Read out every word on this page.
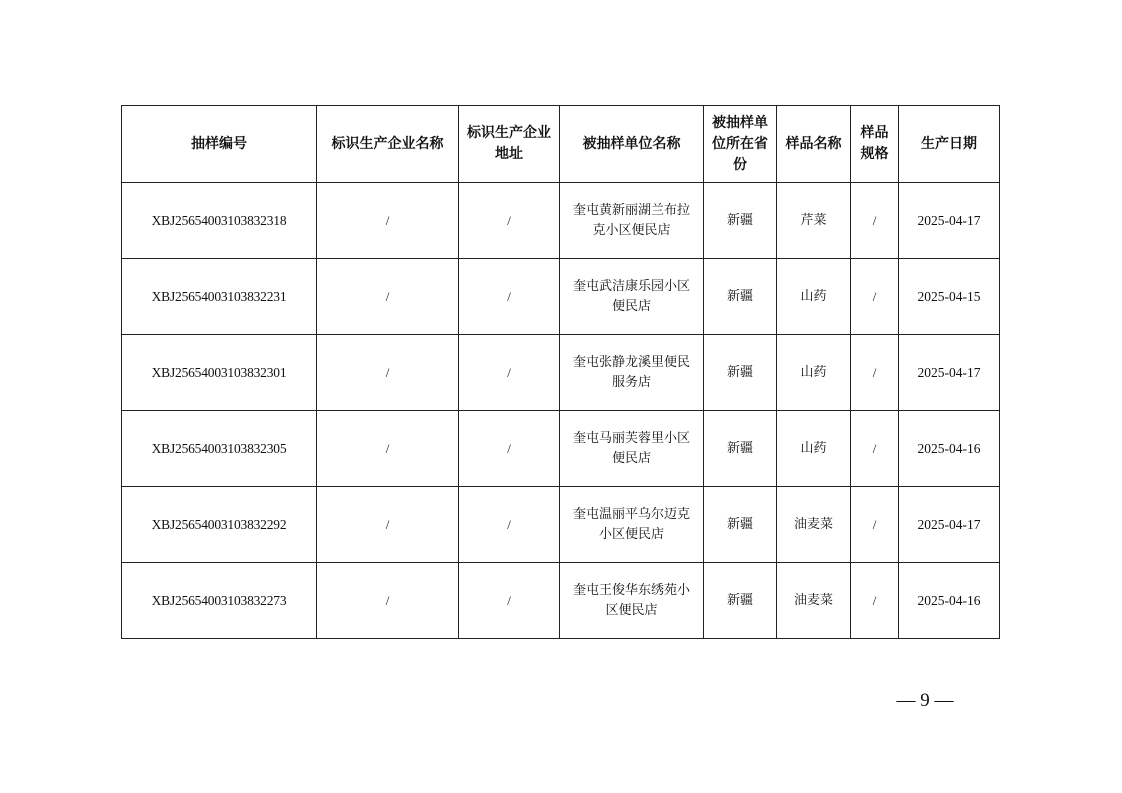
抽样编号	标识生产企业名称	标识生产企业地址	被抽样单位名称	被抽样单位所在省份	样品名称	样品规格	生产日期
XBJ25654003103832318	/	/	奎屯黄新丽湖兰布拉克小区便民店	新疆	芹菜	/	2025-04-17
XBJ25654003103832231	/	/	奎屯武洁康乐园小区便民店	新疆	山药	/	2025-04-15
XBJ25654003103832301	/	/	奎屯张静龙溪里便民服务店	新疆	山药	/	2025-04-17
XBJ25654003103832305	/	/	奎屯马丽芙蓉里小区便民店	新疆	山药	/	2025-04-16
XBJ25654003103832292	/	/	奎屯温丽平乌尔迈克小区便民店	新疆	油麦菜	/	2025-04-17
XBJ25654003103832273	/	/	奎屯王俊华东绣苑小区便民店	新疆	油麦菜	/	2025-04-16
— 9 —
